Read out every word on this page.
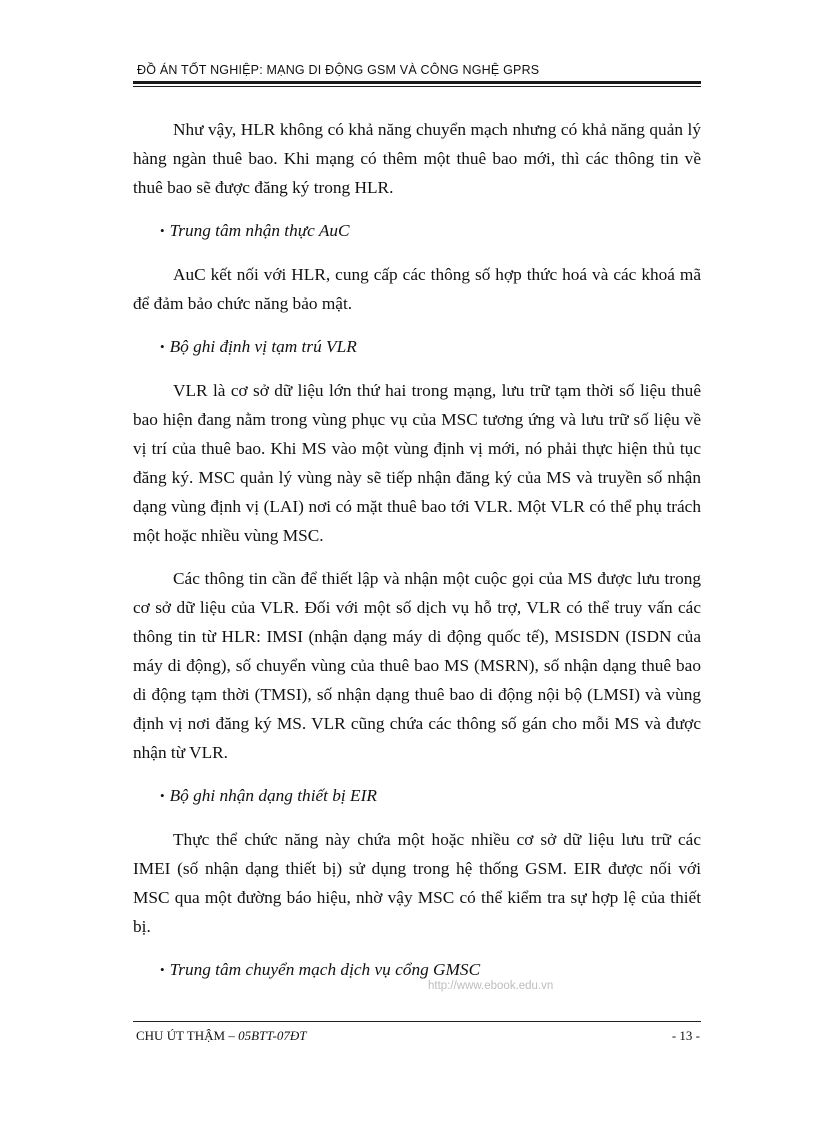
ĐỒ ÁN TỐT NGHIỆP: MẠNG DI ĐỘNG GSM VÀ CÔNG NGHỆ GPRS

Như vậy, HLR không có khả năng chuyển mạch nhưng có khả năng quản lý hàng ngàn thuê bao. Khi mạng có thêm một thuê bao mới, thì các thông tin về thuê bao sẽ được đăng ký trong HLR.

• Trung tâm nhận thực AuC

AuC kết nối với HLR, cung cấp các thông số hợp thức hoá và các khoá mã để đảm bảo chức năng bảo mật.

• Bộ ghi định vị tạm trú VLR

VLR là cơ sở dữ liệu lớn thứ hai trong mạng, lưu trữ tạm thời số liệu thuê bao hiện đang nằm trong vùng phục vụ của MSC tương ứng và lưu trữ số liệu về vị trí của thuê bao. Khi MS vào một vùng định vị mới, nó phải thực hiện thủ tục đăng ký. MSC quản lý vùng này sẽ tiếp nhận đăng ký của MS và truyền số nhận dạng vùng định vị (LAI) nơi có mặt thuê bao tới VLR. Một VLR có thể phụ trách một hoặc nhiều vùng MSC.

Các thông tin cần để thiết lập và nhận một cuộc gọi của MS được lưu trong cơ sở dữ liệu của VLR. Đối với một số dịch vụ hỗ trợ, VLR có thể truy vấn các thông tin từ HLR: IMSI (nhận dạng máy di động quốc tế), MSISDN (ISDN của máy di động), số chuyển vùng của thuê bao MS (MSRN), số nhận dạng thuê bao di động tạm thời (TMSI), số nhận dạng thuê bao di động nội bộ (LMSI) và vùng định vị nơi đăng ký MS. VLR cũng chứa các thông số gán cho mỗi MS và được nhận từ VLR.

• Bộ ghi nhận dạng thiết bị EIR

Thực thể chức năng này chứa một hoặc nhiều cơ sở dữ liệu lưu trữ các IMEI (số nhận dạng thiết bị) sử dụng trong hệ thống GSM. EIR được nối với MSC qua một đường báo hiệu, nhờ vậy MSC có thể kiểm tra sự hợp lệ của thiết bị.

• Trung tâm chuyển mạch dịch vụ cổng GMSC
http://www.ebook.edu.vn
CHU ÚT THẬM – 05BTT-07ĐT	- 13 -
